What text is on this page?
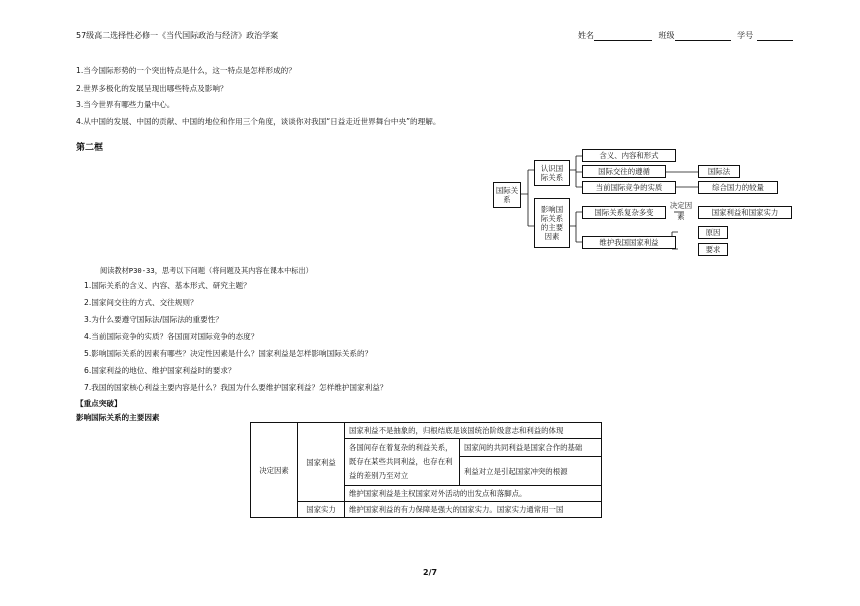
57级高二选择性必修一《当代国际政治与经济》政治学案	姓名	班级	学号
1.当今国际形势的一个突出特点是什么，这一特点是怎样形成的？
2.世界多极化的发展呈现出哪些特点及影响？
3.当今世界有哪些力量中心。
4.从中国的发展、中国的贡献、中国的地位和作用三个角度，谈谈你对我国“日益走近世界舞台中央”的理解。
第二框
国际关系
认识国际关系
影响国际关系的主要因素
含义、内容和形式
国际交往的遵循
当前国际竞争的实质
国际法
综合国力的较量
国际关系复杂多变
决定因素	国家利益和国家实力
维护我国国家利益
原因
要求
阅读教材P30-33，思考以下问题（将问题及其内容在课本中标出）
1.国际关系的含义、内容、基本形式、研究主题？
2.国家间交往的方式、交往规则？
3.为什么要遵守国际法/国际法的重要性？
4.当前国际竞争的实质？各国面对国际竞争的态度？
5.影响国际关系的因素有哪些？决定性因素是什么？国家利益是怎样影响国际关系的？
6.国家利益的地位、维护国家利益时的要求？
7.我国的国家核心利益主要内容是什么？我国为什么要维护国家利益？怎样维护国家利益？
【重点突破】
影响国际关系的主要因素
决定因素	国家利益	国家利益不是抽象的，归根结底是该国统治阶级意志和利益的体现	
		各国间存在着复杂的利益关系，既存在某些共同利益，也存在利益的差别乃至对立	国家间的共同利益是国家合作的基础
			利益对立是引起国家冲突的根源
		维护国家利益是主权国家对外活动的出发点和落脚点。	
	国家实力	维护国家利益的有力保障是强大的国家实力。国家实力通常用一国	
2/7
